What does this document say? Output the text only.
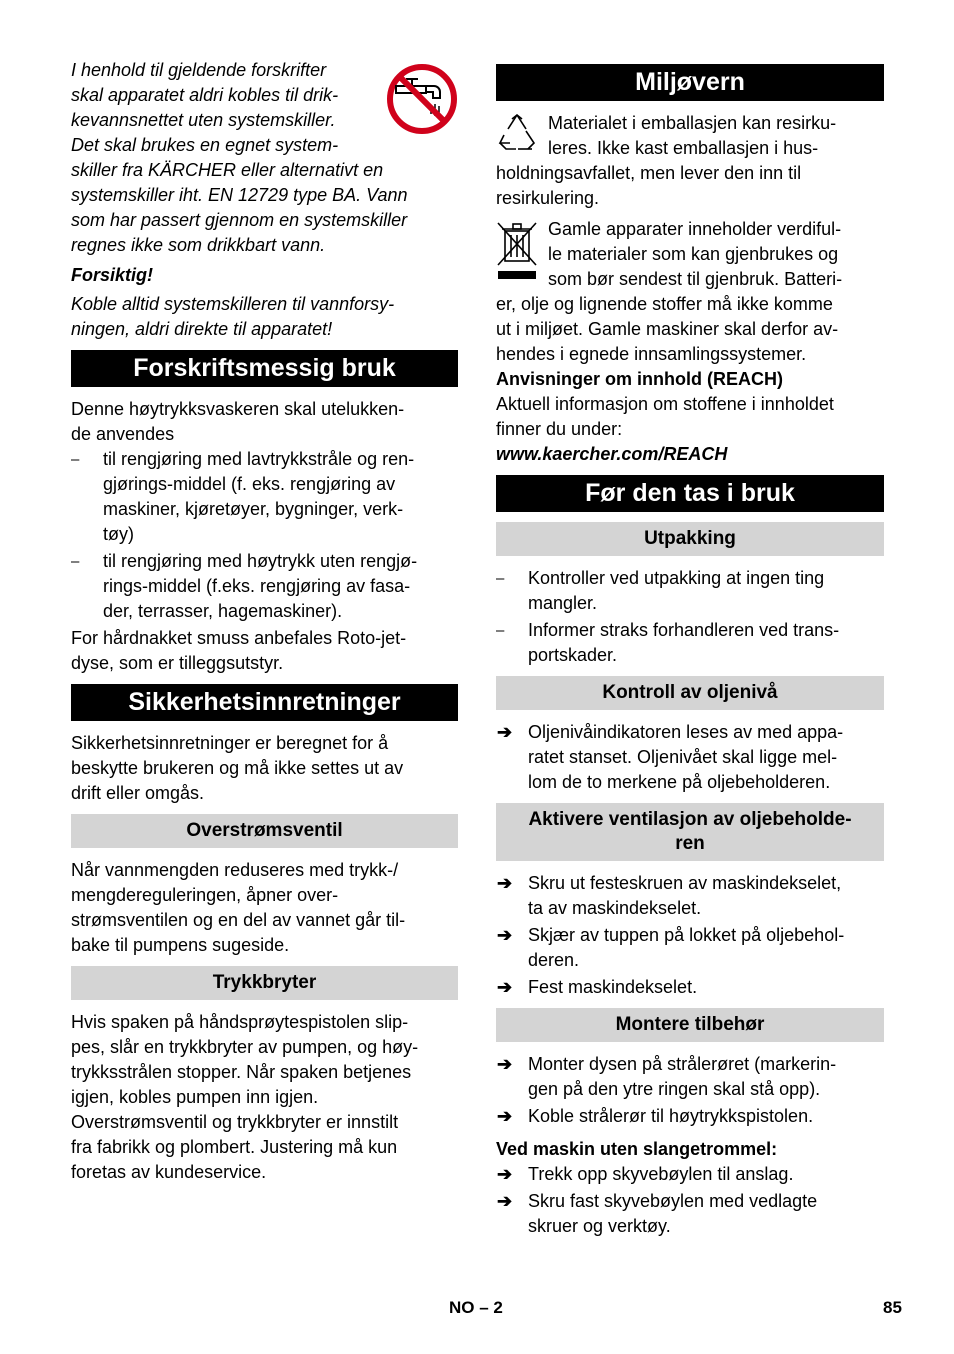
I henhold til gjeldende forskrifter

skal apparatet aldri kobles til drik-

kevannsnettet uten systemskiller.

Det skal brukes en egnet system-

skiller fra KÄRCHER eller alternativt en

systemskiller iht. EN 12729 type BA. Vann

som har passert gjennom en systemskiller

regnes ikke som drikkbart vann.

Forsiktig!

Koble alltid systemskilleren til vannforsy-

ningen, aldri direkte til apparatet!

Forskriftsmessig bruk

Denne høytrykksvaskeren skal utelukken-

de anvendes

– til rengjøring med lavtrykkstråle og ren-

gjørings-middel (f. eks. rengjøring av

maskiner, kjøretøyer, bygninger, verk-

tøy)

– til rengjøring med høytrykk uten rengjø-

rings-middel (f.eks. rengjøring av fasa-

der, terrasser, hagemaskiner).

For hårdnakket smuss anbefales Roto-jet-

dyse, som er tilleggsutstyr.

Sikkerhetsinnretninger

Sikkerhetsinnretninger er beregnet for å

beskytte brukeren og må ikke settes ut av

drift eller omgås.

Overstrømsventil

Når vannmengden reduseres med trykk-/

mengdereguleringen, åpner over-

strømsventilen og en del av vannet går til-

bake til pumpens sugeside.

Trykkbryter

Hvis spaken på håndsprøytespistolen slip-

pes, slår en trykkbryter av pumpen, og høy-

trykksstrålen stopper. Når spaken betjenes

igjen, kobles pumpen inn igjen.

Overstrømsventil og trykkbryter er innstilt

fra fabrikk og plombert. Justering må kun

foretas av kundeservice.

Miljøvern

Materialet i emballasjen kan resirku-

leres. Ikke kast emballasjen i hus-

holdningsavfallet, men lever den inn til

resirkulering.

Gamle apparater inneholder verdiful-

le materialer som kan gjenbrukes og

som bør sendest til gjenbruk. Batteri-

er, olje og lignende stoffer må ikke komme

ut i miljøet. Gamle maskiner skal derfor av-

hendes i egnede innsamlingssystemer.

Anvisninger om innhold (REACH)

Aktuell informasjon om stoffene i innholdet

finner du under:

www.kaercher.com/REACH

Før den tas i bruk
Utpakking
– Kontroller ved utpakking at ingen ting

mangler.

– Informer straks forhandleren ved trans-

portskader.

Kontroll av oljenivå
➔ Oljenivåindikatoren leses av med appa-

ratet stanset. Oljenivået skal ligge mel-

lom de to merkene på oljebeholderen.

Aktivere ventilasjon av oljebeholde-
ren
➔ Skru ut festeskruen av maskindekselet,

ta av maskindekselet.

➔ Skjær av tuppen på lokket på oljebehol-

deren.

➔ Fest maskindekselet.

Montere tilbehør
➔ Monter dysen på strålerøret (markerin-

gen på den ytre ringen skal stå opp).

➔ Koble strålerør til høytrykkspistolen.

Ved maskin uten slangetrommel:

➔ Trekk opp skyvebøylen til anslag.

➔ Skru fast skyvebøylen med vedlagte

skruer og verktøy.

NO – 2	85
